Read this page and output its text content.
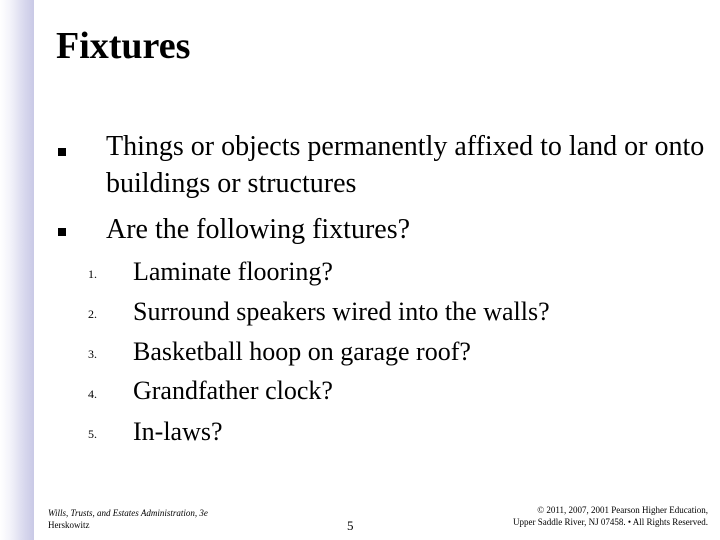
Fixtures
Things or objects permanently affixed to land or onto buildings or structures
Are the following fixtures?
1.	Laminate flooring?
2.	Surround speakers wired into the walls?
3.	Basketball hoop on garage roof?
4.	Grandfather clock?
5.	In-laws?
Wills, Trusts, and Estates Administration, 3e
Herskowitz	5
© 2011, 2007, 2001 Pearson Higher Education,
Upper Saddle River, NJ 07458. • All Rights Reserved.
